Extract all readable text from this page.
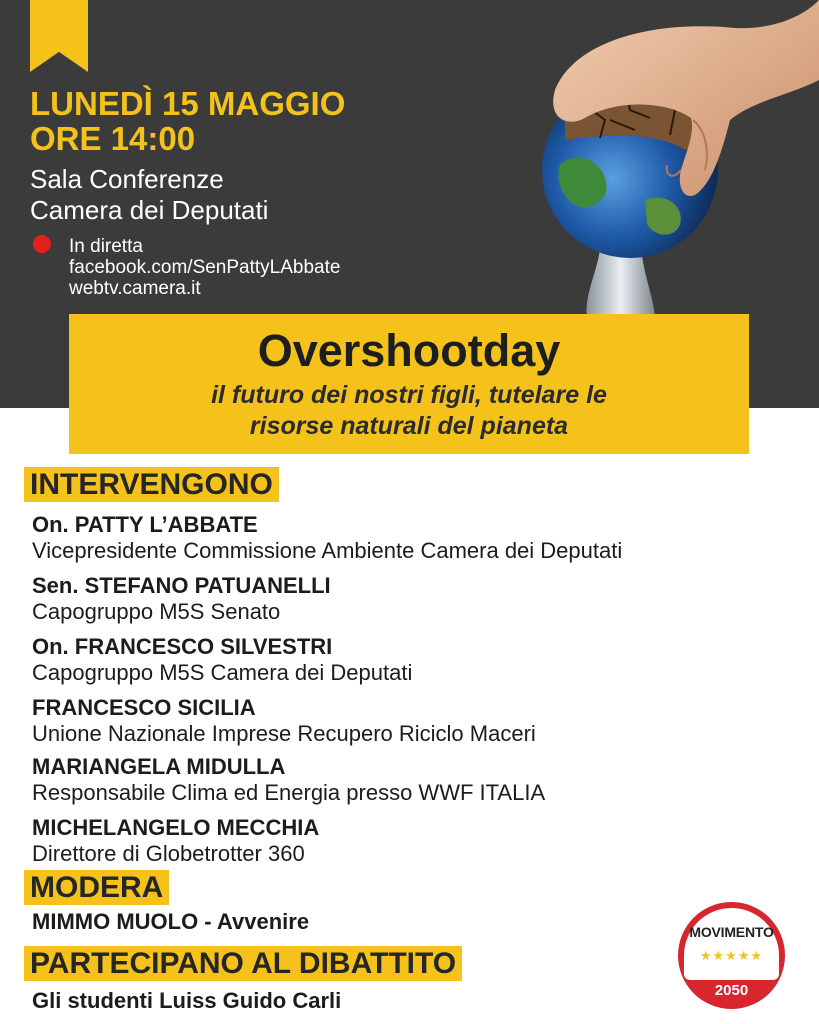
LUNEDÌ 15 MAGGIO
ORE 14:00
Sala Conferenze
Camera dei Deputati
In diretta
facebook.com/SenPattyLAbbate
webtv.camera.it
Overshootday
il futuro dei nostri figli, tutelare le
risorse naturali del pianeta
INTERVENGONO
On. PATTY L’ABBATE
Vicepresidente Commissione Ambiente Camera dei Deputati
Sen. STEFANO PATUANELLI
Capogruppo M5S Senato
On. FRANCESCO SILVESTRI
Capogruppo M5S Camera dei Deputati
FRANCESCO SICILIA
Unione Nazionale Imprese Recupero Riciclo Maceri
MARIANGELA MIDULLA
Responsabile Clima ed Energia presso WWF ITALIA
MICHELANGELO MECCHIA
Direttore di Globetrotter 360
MODERA
MIMMO MUOLO - Avvenire
PARTECIPANO AL DIBATTITO
Gli studenti Luiss Guido Carli
MOVIMENTO
★★★★★
2050
